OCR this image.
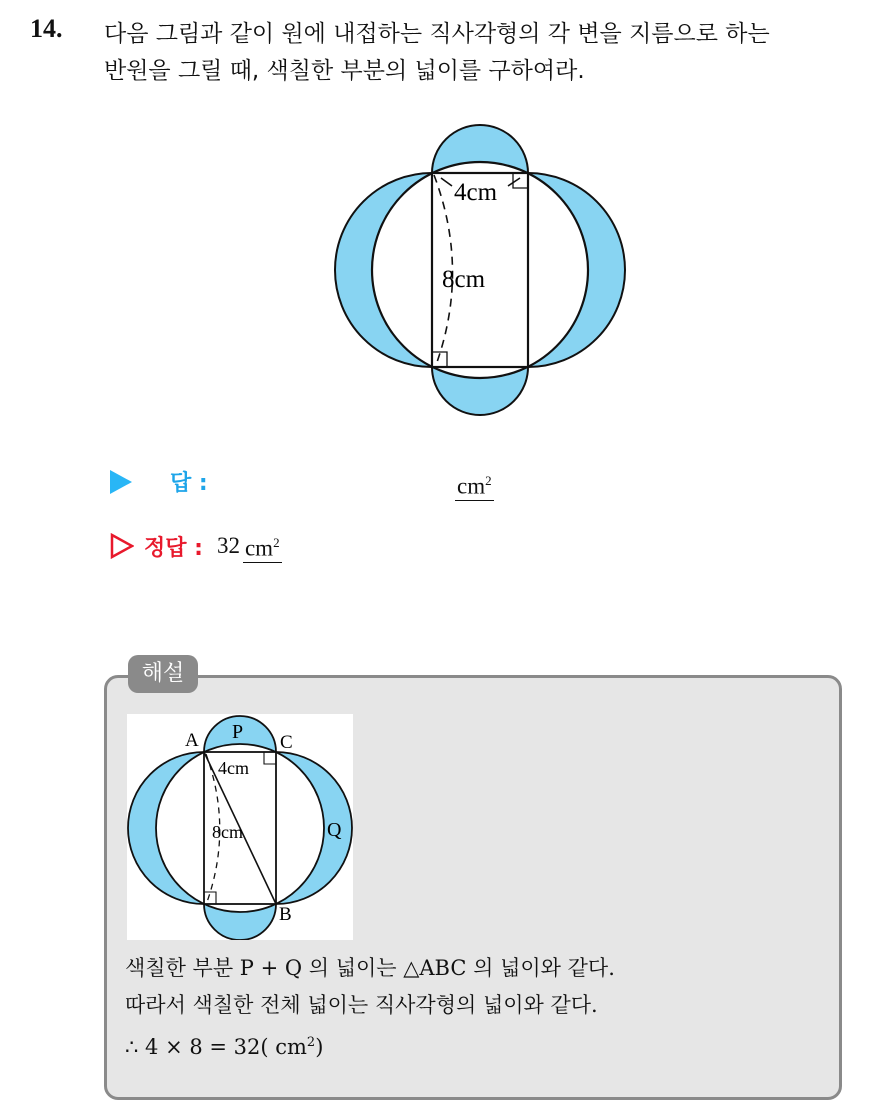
14. 다음 그림과 같이 원에 내접하는 직사각형의 각 변을 지름으로 하는
반원을 그릴 때, 색칠한 부분의 넓이를 구하여라.
4cm
8cm
답 :	$cm^2$
정답 : 32 $cm^2$
A	C
B
P
Q
4cm
8cm
색칠한 부분 P + Q 의 넓이는 △ABC 의 넓이와 같다.
따라서 색칠한 전체 넓이는 직사각형의 넓이와 같다.
∴ 4 × 8 = 32( $cm^2$)
해설
